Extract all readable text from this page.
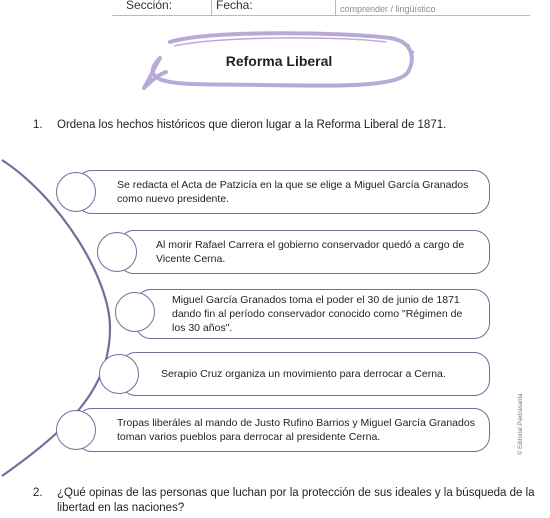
Sección:	Fecha:	comprender / lingüístico
Reforma Liberal
1. Ordena los hechos históricos que dieron lugar a la Reforma Liberal de 1871.
Se redacta el Acta de Patzicía en la que se elige a Miguel García Granados
como nuevo presidente.
Al morir Rafael Carrera el gobierno conservador quedó a cargo de
Vicente Cerna.
Miguel García Granados toma el poder el 30 de junio de 1871
dando fin al período conservador conocido como "Régimen de
los 30 años".
Serapio Cruz organiza un movimiento para derrocar a Cerna.
Tropas liberáles al mando de Justo Rufino Barrios y Miguel García Granados
toman varios pueblos para derrocar al presidente Cerna.
2. ¿Qué opinas de las personas que luchan por la protección de sus ideales y la búsqueda de la
libertad en las naciones?
© Editorial Piedrasanta
